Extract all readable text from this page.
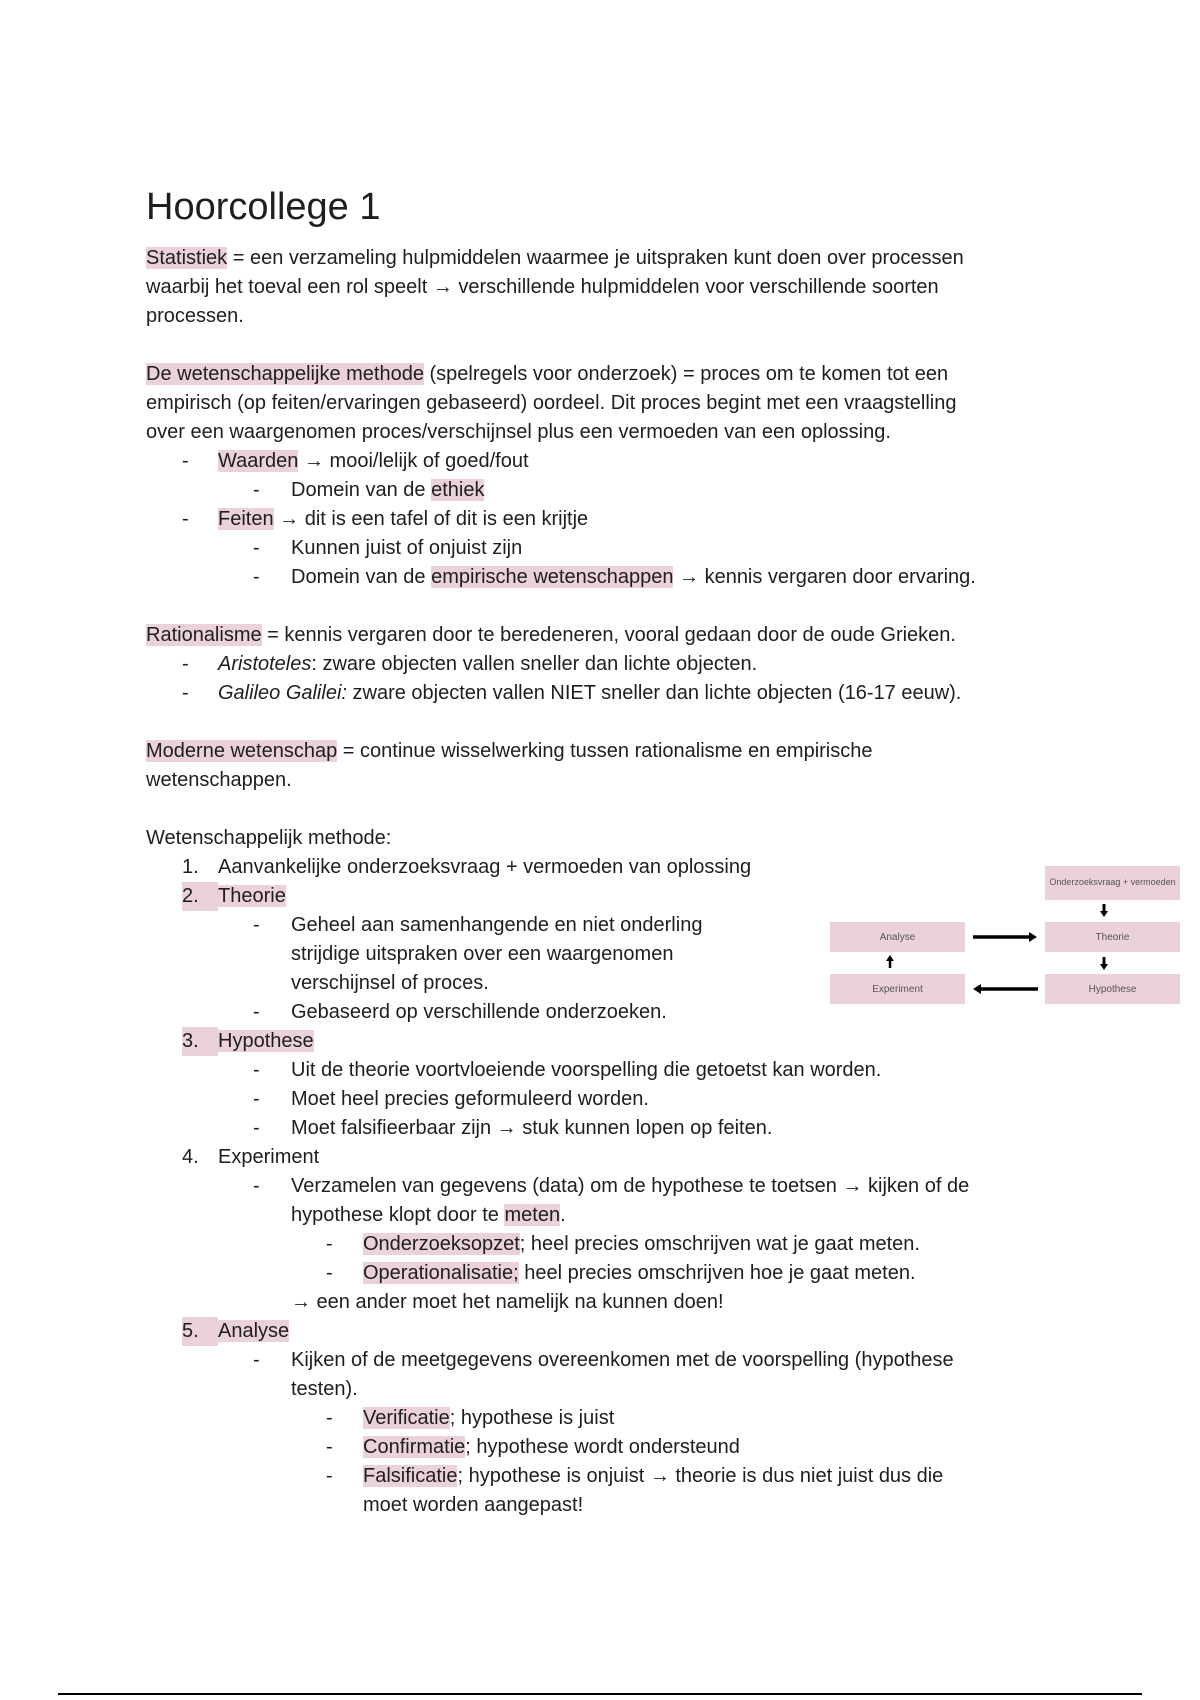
Hoorcollege 1

Statistiek = een verzameling hulpmiddelen waarmee je uitspraken kunt doen over processen
waarbij het toeval een rol speelt → verschillende hulpmiddelen voor verschillende soorten
processen.

De wetenschappelijke methode (spelregels voor onderzoek) = proces om te komen tot een
empirisch (op feiten/ervaringen gebaseerd) oordeel. Dit proces begint met een vraagstelling
over een waargenomen proces/verschijnsel plus een vermoeden van een oplossing.

- Waarden → mooi/lelijk of goed/fout
- Domein van de ethiek
- Feiten → dit is een tafel of dit is een krijtje
- Kunnen juist of onjuist zijn
- Domein van de empirische wetenschappen → kennis vergaren door ervaring.

Rationalisme = kennis vergaren door te beredeneren, vooral gedaan door de oude Grieken.

- Aristoteles: zware objecten vallen sneller dan lichte objecten.
- Galileo Galilei: zware objecten vallen NIET sneller dan lichte objecten (16-17 eeuw).

Moderne wetenschap = continue wisselwerking tussen rationalisme en empirische
wetenschappen.

Wetenschappelijk methode:

1. Aanvankelijke onderzoeksvraag + vermoeden van oplossing
2. Theorie
- Geheel aan samenhangende en niet onderling
strijdige uitspraken over een waargenomen
verschijnsel of proces.
- Gebaseerd op verschillende onderzoeken.
3. Hypothese
- Uit de theorie voortvloeiende voorspelling die getoetst kan worden.
- Moet heel precies geformuleerd worden.
- Moet falsifieerbaar zijn → stuk kunnen lopen op feiten.
4. Experiment
- Verzamelen van gegevens (data) om de hypothese te toetsen → kijken of de
hypothese klopt door te meten.
- Onderzoeksopzet; heel precies omschrijven wat je gaat meten.
- Operationalisatie; heel precies omschrijven hoe je gaat meten.
→ een ander moet het namelijk na kunnen doen!
5. Analyse
- Kijken of de meetgegevens overeenkomen met de voorspelling (hypothese
testen).
- Verificatie; hypothese is juist
- Confirmatie; hypothese wordt ondersteund
- Falsificatie; hypothese is onjuist → theorie is dus niet juist dus die
moet worden aangepast!
Onderzoeksvraag + vermoeden
Theorie
Hypothese
Analyse
Experiment
